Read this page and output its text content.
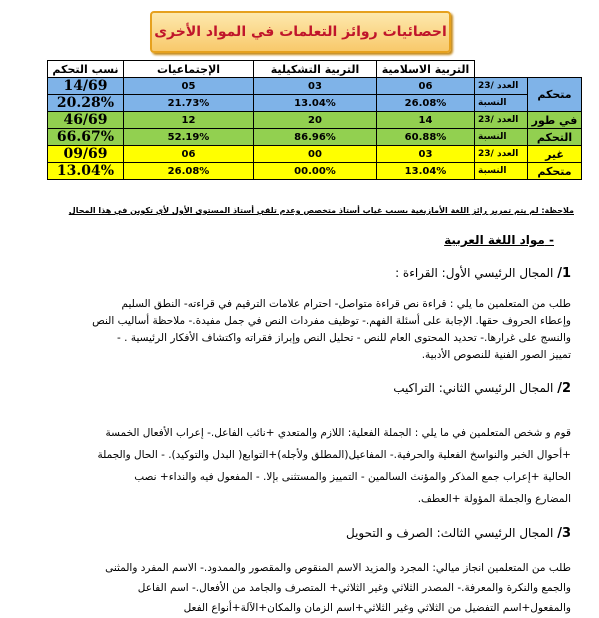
احصائيات روائز التعلمات في المواد الأخرى
نسب التحكم	الإجتماعيات	التربية التشكيلية	التربية الاسلامية			
14/69	05	03	06	العدد /23	متحكم	
20.28%	21.73%	13.04%	26.08%	النسبة		
46/69	12	20	14	العدد /23	في طور	
66.67%	52.19%	86.96%	60.88%	النسبة	التحكم	
09/69	06	00	03	العدد /23	غير	
13.04%	26.08%	00.00%	13.04%	النسبة	متحكم	
ملاحظة: لم يتم تمرير رائز اللغة الأمازيغية بسبب غياب أستاذ متخصص وعدم تلقي أستاذ المستوى الأول لأي تكوين في هذا المجال
- مواد اللغة العربية
1/ المجال الرئيسي الأول: القراءة :
طلب من المتعلمين ما يلي : قراءة نص قراءة متواصل- احترام علامات الترقيم في قراءته- النطق السليم
وإعطاء الحروف حقها. الإجابة على أسئلة الفهم.- توظيف مفردات النص في جمل مفيدة.- ملاحظة أساليب النص
والنسج على غرارها.- تحديد المحتوى العام للنص - تحليل النص وإبراز فقراته واكتشاف الأفكار الرئيسية . -
تمييز الصور الفنية للنصوص الأدبية.
2/ المجال الرئيسي الثاني: التراكيب
قوم و شخص المتعلمين في ما يلي : الجملة الفعلية: اللازم والمتعدي +نائب الفاعل.- إعراب الأفعال الخمسة
+أحوال الخبر والنواسخ الفعلية والحرفية.- المفاعيل(المطلق ولأجله)+التوابع( البدل والتوكيد). - الحال والجملة
الحالية +إعراب جمع المذكر والمؤنث السالمين - التمييز والمستثنى بإلا. - المفعول فيه والنداء+ نصب
المضارع والجملة المؤولة +العطف.
3/ المجال الرئيسي الثالث: الصرف و التحويل
طلب من المتعلمين انجاز ميالي: المجرد والمزيد الاسم المنقوص والمقصور والممدود.- الاسم المفرد والمثنى
والجمع والنكرة والمعرفة.- المصدر الثلاثي وغير الثلاثي+ المتصرف والجامد من الأفعال.- اسم الفاعل
والمفعول+اسم التفضيل من الثلاثي وغير الثلاثي+اسم الزمان والمكان+الآلة+أنواع الفعل
